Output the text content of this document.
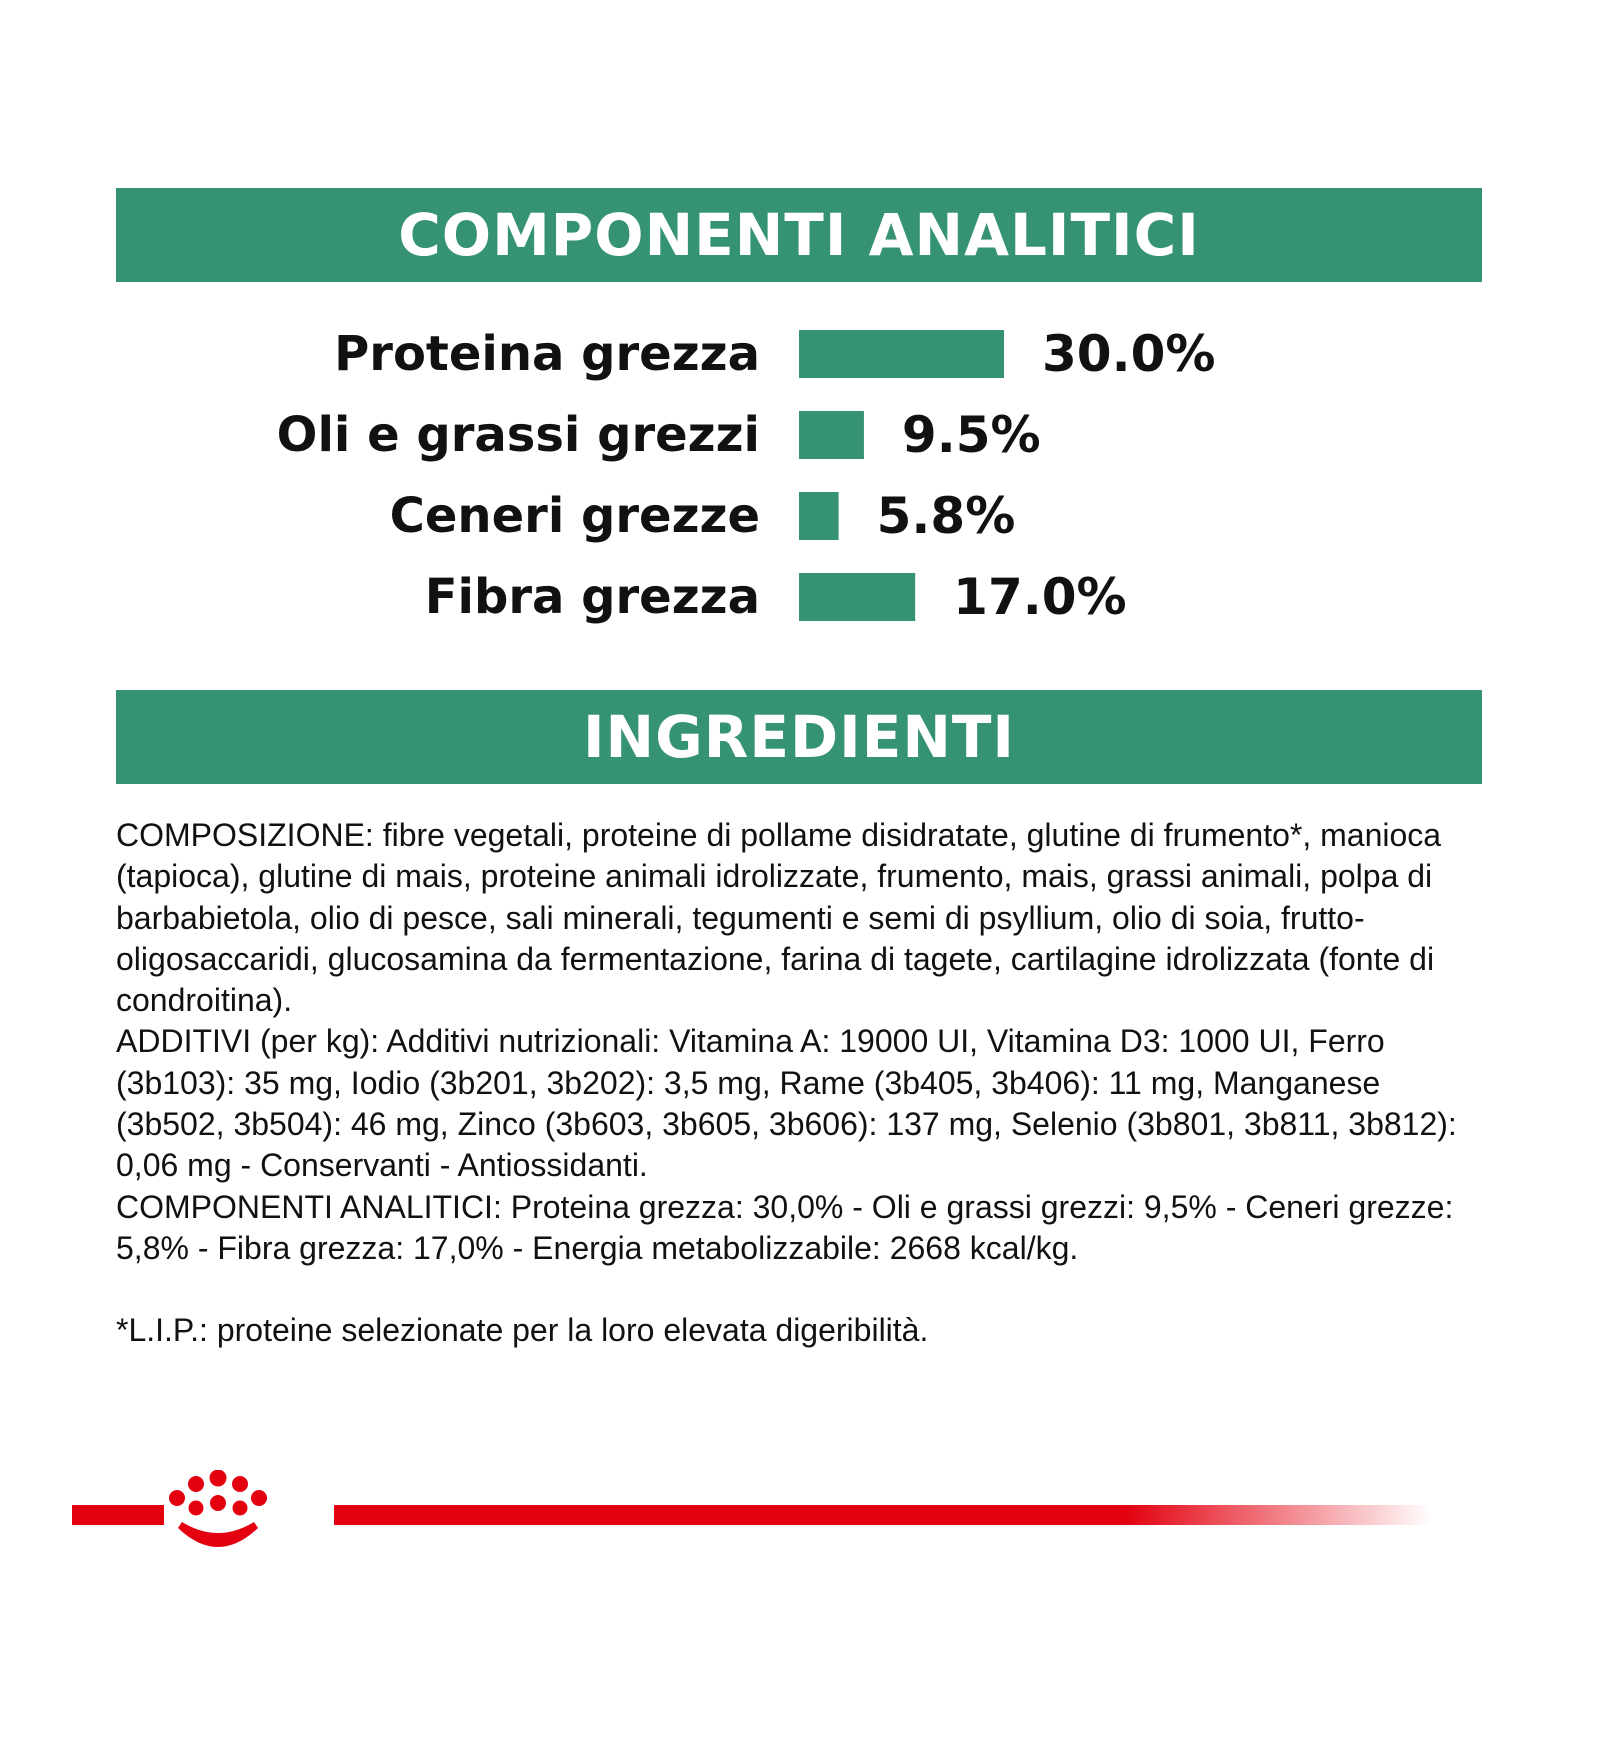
COMPONENTI ANALITICI
Proteina grezza	30.0%
Oli e grassi grezzi	9.5%
Ceneri grezze 5.8%
Fibra grezza	17.0%
INGREDIENTI

COMPOSIZIONE: fibre vegetali, proteine di pollame disidratate, glutine di frumento*, manioca (tapioca), glutine di mais, proteine animali idrolizzate, frumento, mais, grassi animali, polpa di barbabietola, olio di pesce, sali minerali, tegumenti e semi di psyllium, olio di soia, frutto-oligosaccaridi, glucosamina da fermentazione, farina di tagete, cartilagine idrolizzata (fonte di condroitina).

ADDITIVI (per kg): Additivi nutrizionali: Vitamina A: 19000 UI, Vitamina D3: 1000 UI, Ferro (3b103): 35 mg, Iodio (3b201, 3b202): 3,5 mg, Rame (3b405, 3b406): 11 mg, Manganese (3b502, 3b504): 46 mg, Zinco (3b603, 3b605, 3b606): 137 mg, Selenio (3b801, 3b811, 3b812): 0,06 mg - Conservanti - Antiossidanti.

COMPONENTI ANALITICI: Proteina grezza: 30,0% - Oli e grassi grezzi: 9,5% - Ceneri grezze: 5,8% - Fibra grezza: 17,0% - Energia metabolizzabile: 2668 kcal/kg.

*L.I.P.: proteine selezionate per la loro elevata digeribilità.
